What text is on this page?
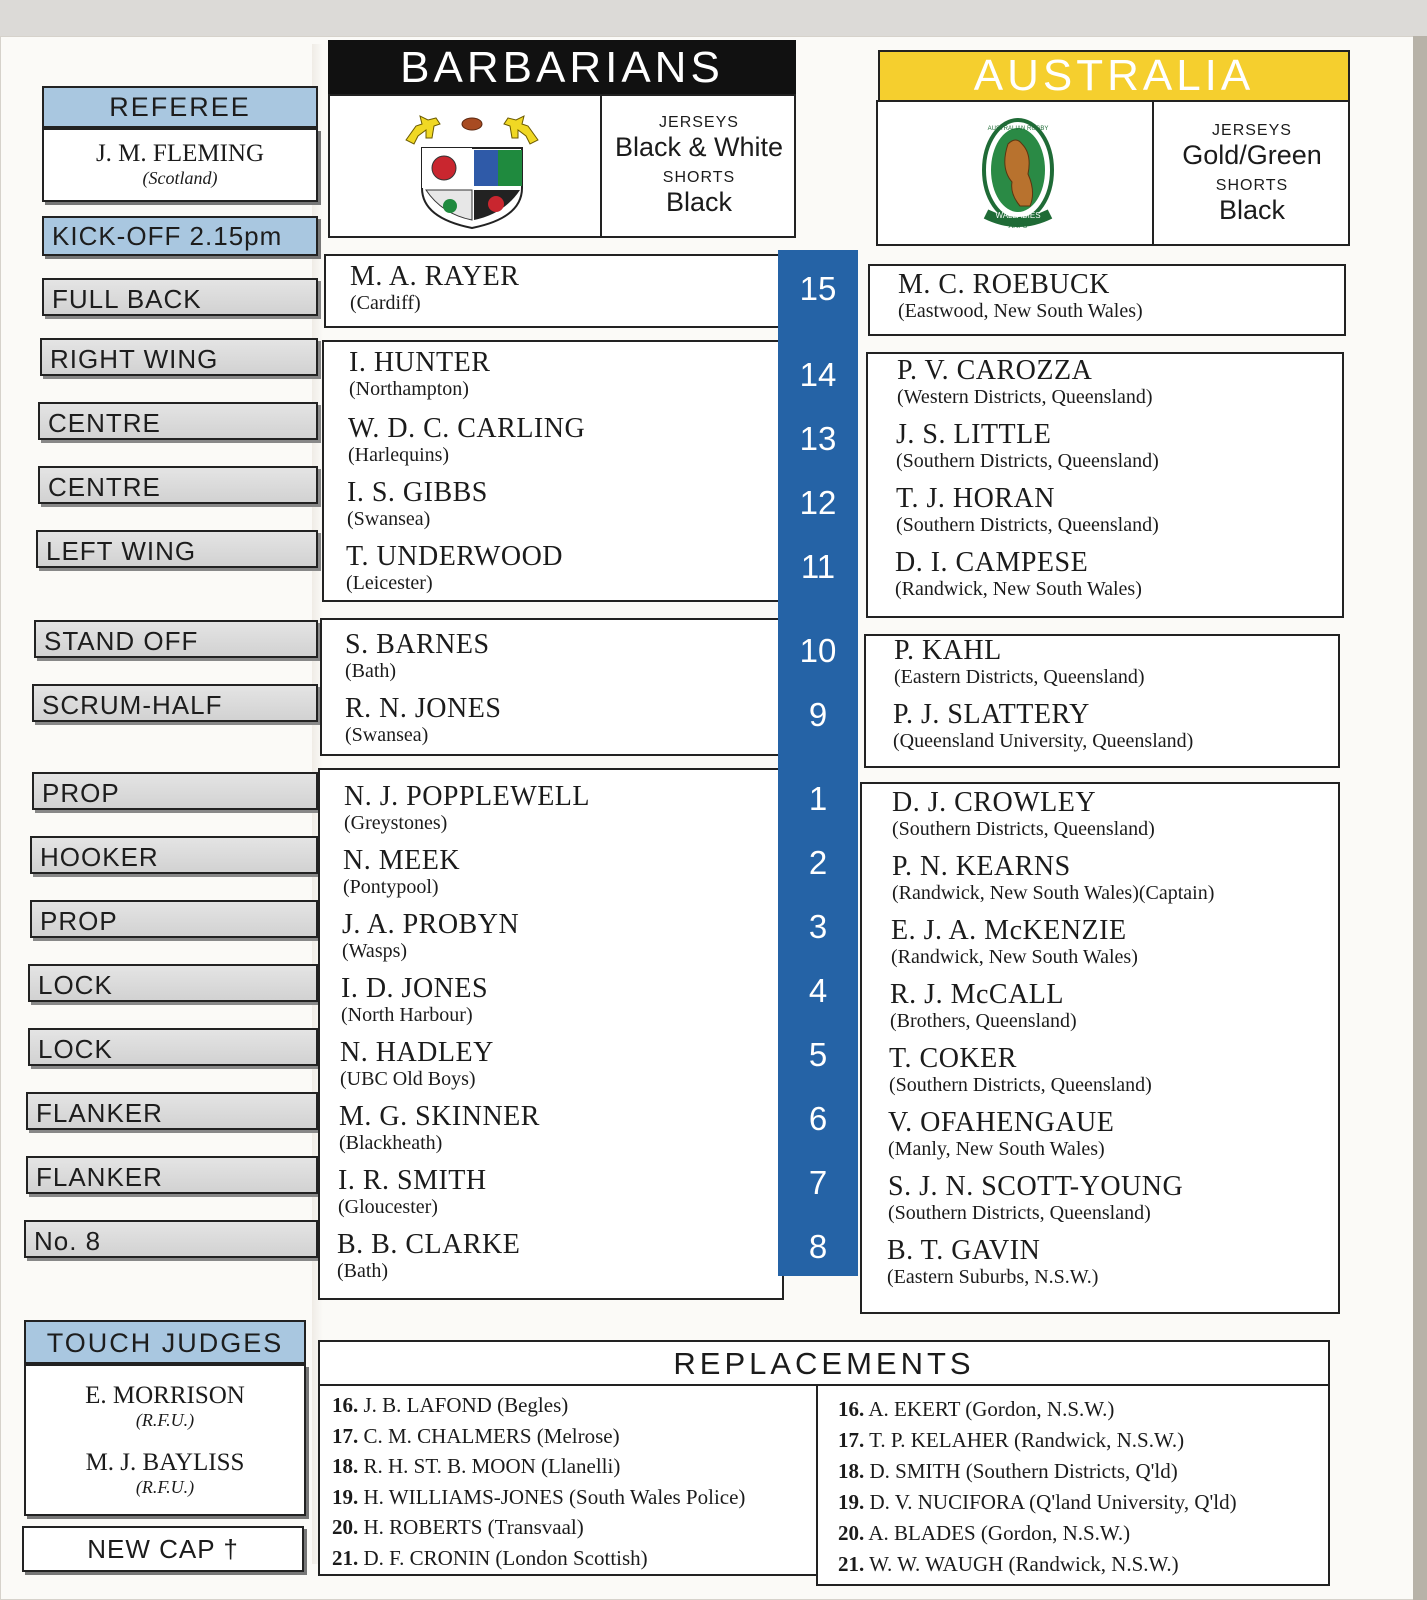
REFEREE
J. M. FLEMING
(Scotland)
KICK-OFF 2.15pm
FULL BACK
RIGHT WING
CENTRE
CENTRE
LEFT WING
STAND OFF
SCRUM-HALF
PROP
HOOKER
PROP
LOCK
LOCK
FLANKER
FLANKER
No. 8
TOUCH JUDGES
E. MORRISON
(R.F.U.)
M. J. BAYLISS
(R.F.U.)
NEW CAP †
BARBARIANS
JERSEYS
Black & White
SHORTS
Black
AUSTRALIA
WALLABIES
ARFU
AUSTRALIAN RUGBY	JERSEYS
Gold/Green
SHORTS
Black
M. A. RAYER
(Cardiff)
I. HUNTER
(Northampton)
W. D. C. CARLING
(Harlequins)
I. S. GIBBS
(Swansea)
T. UNDERWOOD
(Leicester)
S. BARNES
(Bath)
R. N. JONES
(Swansea)
N. J. POPPLEWELL
(Greystones)
N. MEEK
(Pontypool)
J. A. PROBYN
(Wasps)
I. D. JONES
(North Harbour)
N. HADLEY
(UBC Old Boys)
M. G. SKINNER
(Blackheath)
I. R. SMITH
(Gloucester)
B. B. CLARKE
(Bath)
M. C. ROEBUCK
(Eastwood, New South Wales)
P. V. CAROZZA
(Western Districts, Queensland)
J. S. LITTLE
(Southern Districts, Queensland)
T. J. HORAN
(Southern Districts, Queensland)
D. I. CAMPESE
(Randwick, New South Wales)
P. KAHL
(Eastern Districts, Queensland)
P. J. SLATTERY
(Queensland University, Queensland)
D. J. CROWLEY
(Southern Districts, Queensland)
P. N. KEARNS
(Randwick, New South Wales)(Captain)
E. J. A. McKENZIE
(Randwick, New South Wales)
R. J. McCALL
(Brothers, Queensland)
T. COKER
(Southern Districts, Queensland)
V. OFAHENGAUE
(Manly, New South Wales)
S. J. N. SCOTT-YOUNG
(Southern Districts, Queensland)
B. T. GAVIN
(Eastern Suburbs, N.S.W.)
15
14
13
12
11
10
9
1
2
3
4
5
6
7
8
REPLACEMENTS
16. J. B. LAFOND (Begles)
17. C. M. CHALMERS (Melrose)
18. R. H. ST. B. MOON (Llanelli)
19. H. WILLIAMS-JONES (South Wales Police)
20. H. ROBERTS (Transvaal)
21. D. F. CRONIN (London Scottish)
16. A. EKERT (Gordon, N.S.W.)
17. T. P. KELAHER (Randwick, N.S.W.)
18. D. SMITH (Southern Districts, Q'ld)
19. D. V. NUCIFORA (Q'land University, Q'ld)
20. A. BLADES (Gordon, N.S.W.)
21. W. W. WAUGH (Randwick, N.S.W.)
